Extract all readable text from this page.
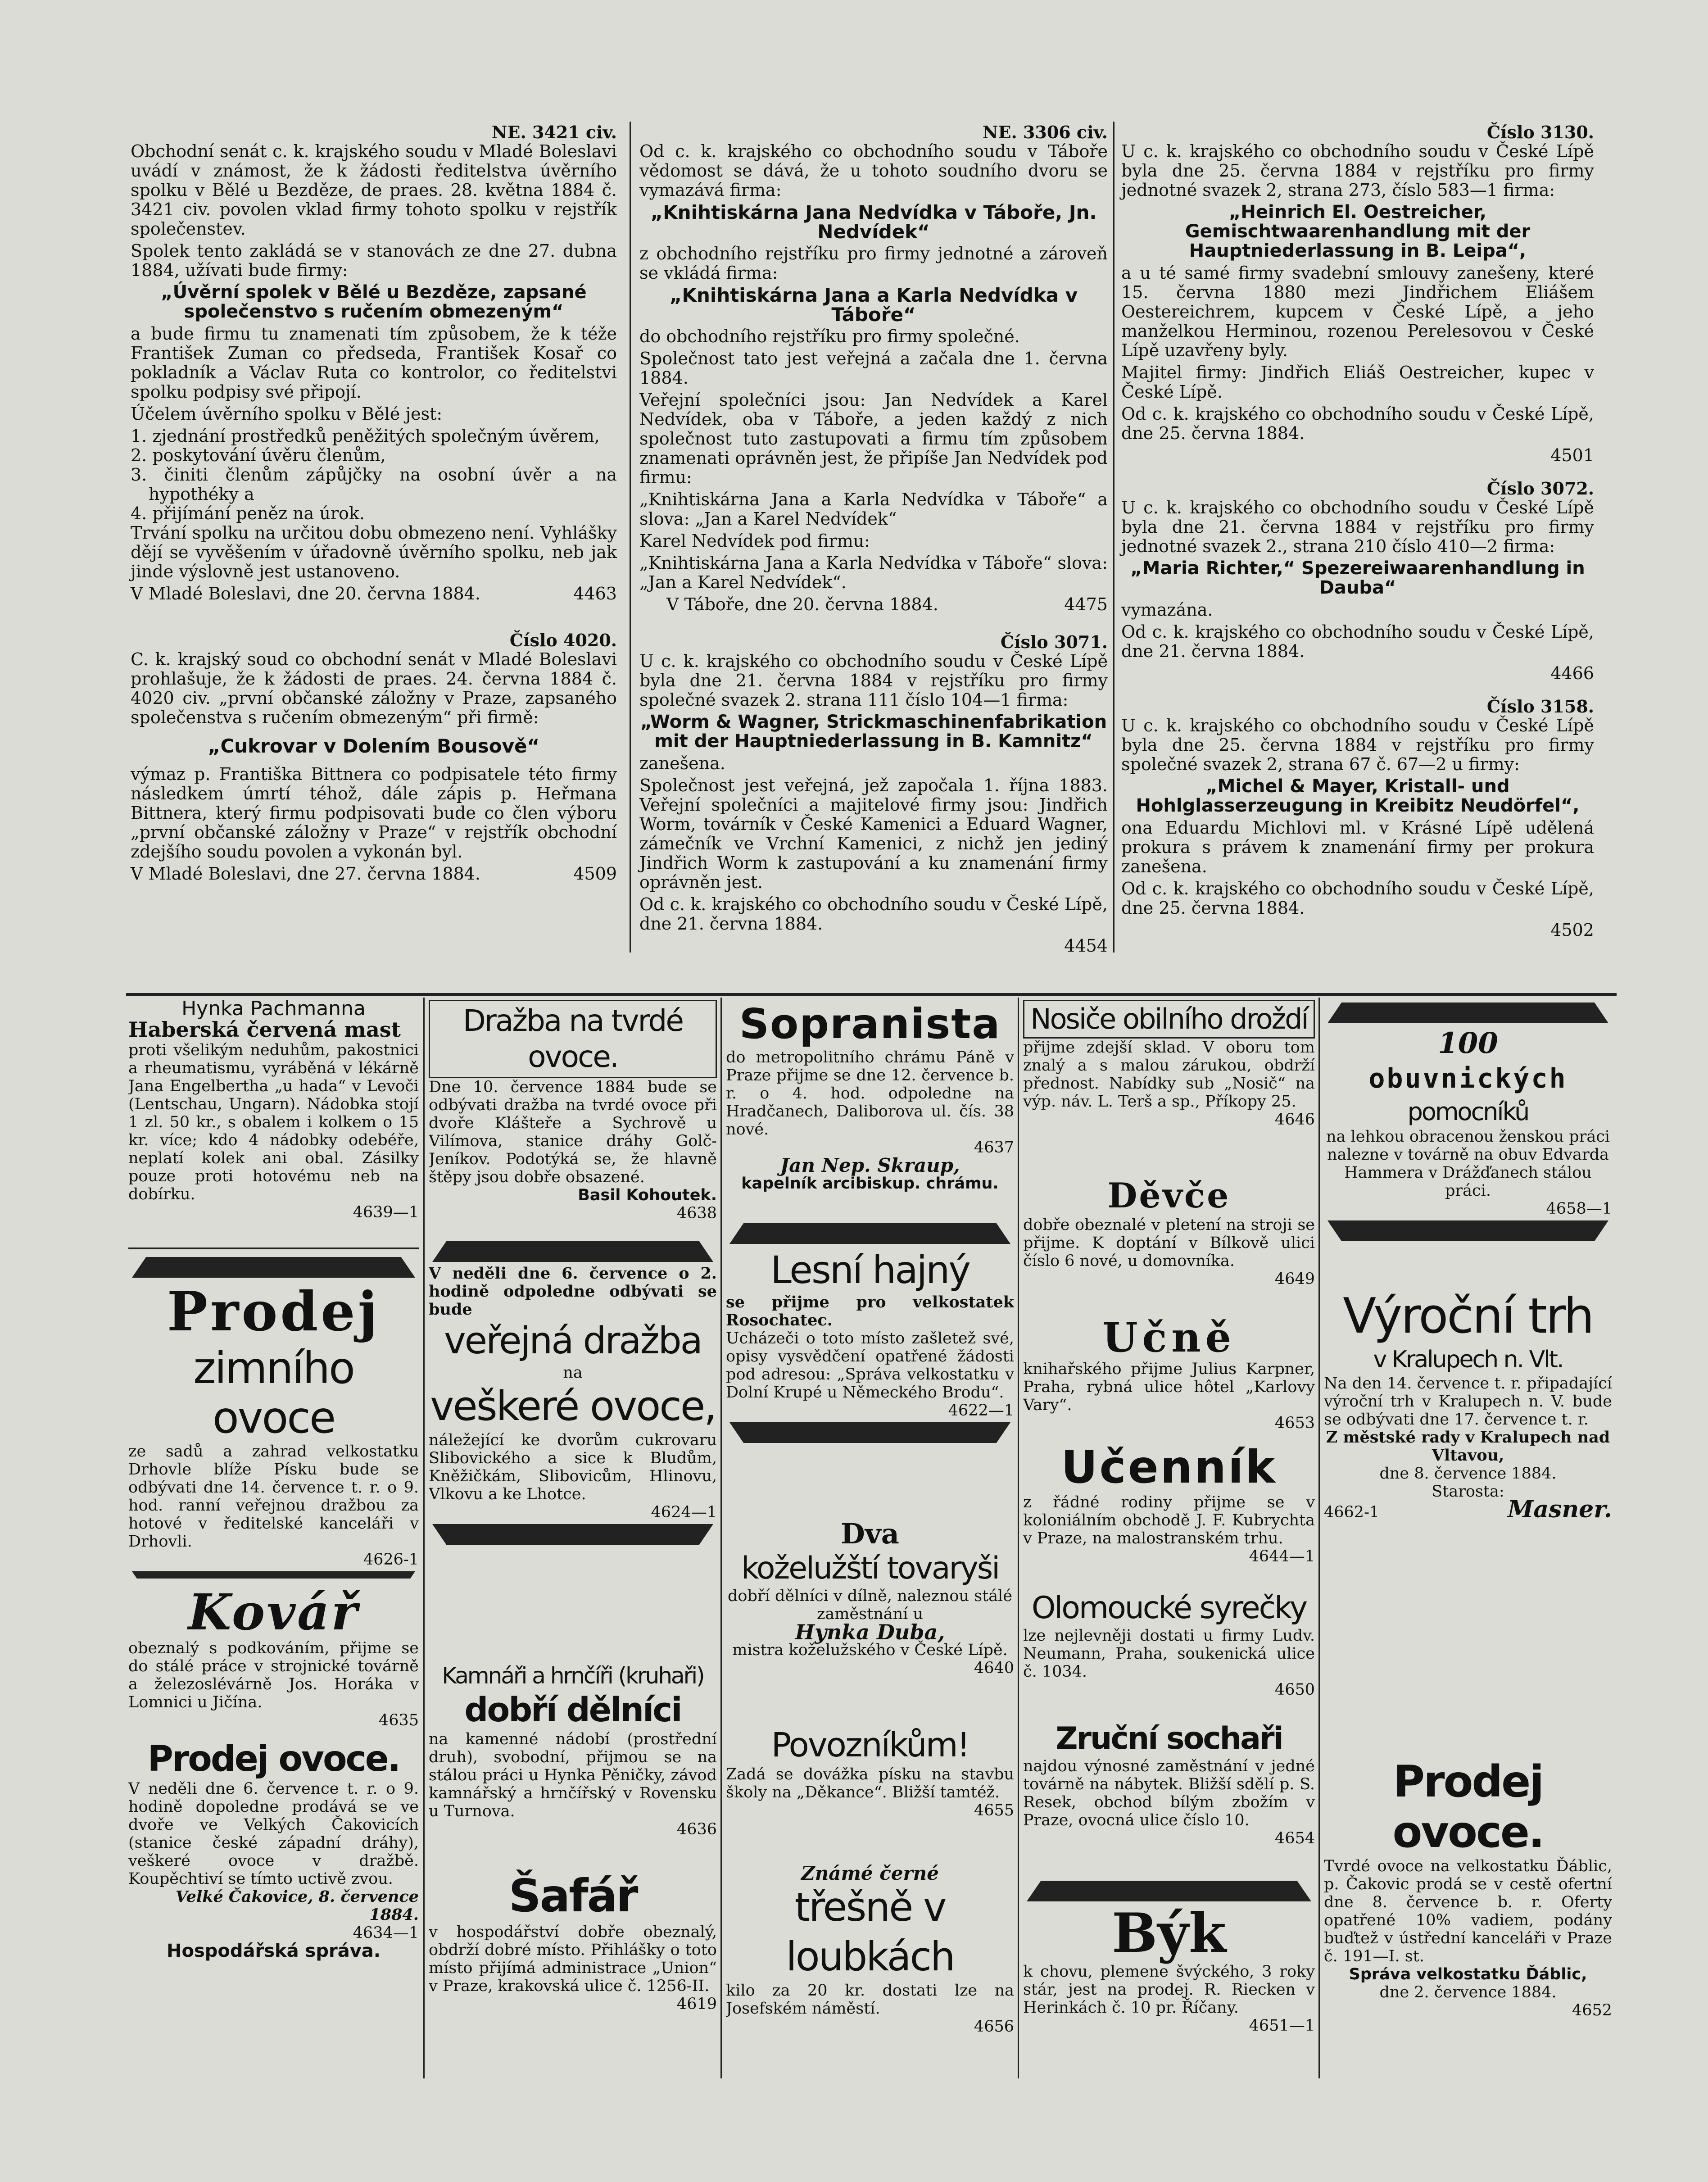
NE. 3421 civ.
Obchodní senát c. k. krajského soudu v Mladé Boleslavi uvádí v známost, že k žádosti ředitelstva úvěrního spolku v Bělé u Bezděze, de praes. 28. května 1884 č. 3421 civ. povolen vklad firmy tohoto spolku v rejstřík společenstev.
Spolek tento zakládá se v stanovách ze dne 27. dubna 1884, užívati bude firmy:
„Úvěrní spolek v Bělé u Bezděze, zapsané společenstvo s ručením obmezeným“
a bude firmu tu znamenati tím způsobem, že k téže František Zuman co předseda, František Kosař co pokladník a Václav Ruta co kontrolor, co ředitelstvi spolku podpisy své připojí.
Účelem úvěrního spolku v Bělé jest:
1. zjednání prostředků peněžitých společným úvěrem,
2. poskytování úvěru členům,
3. činiti členům zápůjčky na osobní úvěr a na hypothéky a
4. přijímání peněz na úrok.
Trvání spolku na určitou dobu obmezeno není. Vyhlášky dějí se vyvěšením v úřadovně úvěrního spolku, neb jak jinde výslovně jest ustanoveno.
V Mladé Boleslavi, dne 20. června 1884.	4463
Číslo 4020.
C. k. krajský soud co obchodní senát v Mladé Boleslavi prohlašuje, že k žádosti de praes. 24. června 1884 č. 4020 civ. „první občanské záložny v Praze, zapsaného společenstva s ručením obmezeným“ při firmě:
„Cukrovar v Dolením Bousově“
výmaz p. Františka Bittnera co podpisatele této firmy následkem úmrtí téhož, dále zápis p. Heřmana Bittnera, který firmu podpisovati bude co člen výboru „první občanské záložny v Praze“ v rejstřík obchodní zdejšího soudu povolen a vykonán byl.
V Mladé Boleslavi, dne 27. června 1884.	4509
NE. 3306 civ.
Od c. k. krajského co obchodního soudu v Táboře vědomost se dává, že u tohoto soudního dvoru se vymazává firma:
„Knihtiskárna Jana Nedvídka v Táboře, Jn. Nedvídek“
z obchodního rejstříku pro firmy jednotné a zároveň se vkládá firma:
„Knihtiskárna Jana a Karla Nedvídka v Táboře“
do obchodního rejstříku pro firmy společné.
Společnost tato jest veřejná a začala dne 1. června 1884.
Veřejní společníci jsou: Jan Nedvídek a Karel Nedvídek, oba v Táboře, a jeden každý z nich společnost tuto zastupovati a firmu tím způsobem znamenati oprávněn jest, že připíše Jan Nedvídek pod firmu:
„Knihtiskárna Jana a Karla Nedvídka v Táboře“ a slova: „Jan a Karel Nedvídek“
Karel Nedvídek pod firmu:
„Knihtiskárna Jana a Karla Nedvídka v Táboře“ slova: „Jan a Karel Nedvídek“.
V Táboře, dne 20. června 1884.	4475
Číslo 3071.
U c. k. krajského co obchodního soudu v České Lípě byla dne 21. června 1884 v rejstříku pro firmy společné svazek 2. strana 111 číslo 104—1 firma:
„Worm & Wagner, Strickmaschinenfabrikation mit der Hauptniederlassung in B. Kamnitz“
zanešena.
Společnost jest veřejná, jež započala 1. října 1883. Veřejní společníci a majitelové firmy jsou: Jindřich Worm, továrník v České Kamenici a Eduard Wagner, zámečník ve Vrchní Kamenici, z nichž jen jediný Jindřich Worm k zastupování a ku znamenání firmy oprávněn jest.
Od c. k. krajského co obchodního soudu v České Lípě, dne 21. června 1884.
4454
Číslo 3130.
U c. k. krajského co obchodního soudu v České Lípě byla dne 25. června 1884 v rejstříku pro firmy jednotné svazek 2, strana 273, číslo 583—1 firma:
„Heinrich El. Oestreicher, Gemischtwaarenhandlung mit der Hauptniederlassung in B. Leipa“,
a u té samé firmy svadební smlouvy zanešeny, které 15. června 1880 mezi Jindřichem Eliášem Oestereichrem, kupcem v České Lípě, a jeho manželkou Herminou, rozenou Perelesovou v České Lípě uzavřeny byly.
Majitel firmy: Jindřich Eliáš Oestreicher, kupec v České Lípě.
Od c. k. krajského co obchodního soudu v České Lípě, dne 25. června 1884.
4501
Číslo 3072.
U c. k. krajského co obchodního soudu v České Lípě byla dne 21. června 1884 v rejstříku pro firmy jednotné svazek 2., strana 210 číslo 410—2 firma:
„Maria Richter,“ Spezereiwaarenhandlung in Dauba“
vymazána.
Od c. k. krajského co obchodního soudu v České Lípě, dne 21. června 1884.
4466
Číslo 3158.
U c. k. krajského co obchodního soudu v České Lípě byla dne 25. června 1884 v rejstříku pro firmy společné svazek 2, strana 67 č. 67—2 u firmy:
„Michel & Mayer, Kristall- und Hohlglasserzeugung in Kreibitz Neudörfel“,
ona Eduardu Michlovi ml. v Krásné Lípě udělená prokura s právem k znamenání firmy per prokura zanešena.
Od c. k. krajského co obchodního soudu v České Lípě, dne 25. června 1884.
4502
Hynka Pachmanna
Haberská červená mast

proti všelikým neduhům, pakostnici a rheumatismu, vyráběná v lékárně Jana Engelbertha „u hada“ v Levoči (Lentschau, Ungarn). Nádobka stojí 1 zl. 50 kr., s obalem i kolkem o 15 kr. více; kdo 4 nádobky odebéře, neplatí kolek ani obal. Zásilky pouze proti hotovému neb na dobírku.

4639—1
Prodej
zimního ovoce

ze sadů a zahrad velkostatku Drhovle blíže Písku bude se odbývati dne 14. července t. r. o 9. hod. ranní veřejnou dražbou za hotové v ředitelské kanceláři v Drhovli.

4626-1
Kovář

obeznalý s podkováním, přijme se do stálé práce v strojnické továrně a železoslévárně Jos. Horáka v Lomnici u Jičína.

4635
Prodej ovoce.

V neděli dne 6. července t. r. o 9. hodině dopoledne prodává se ve dvoře ve Velkých Čakovicích (stanice české západní dráhy), veškeré ovoce v dražbě. Koupěchtiví se tímto uctivě zvou.

Velké Čakovice, 8. července 1884.

4634—1
Hospodářská správa.
Dražba na tvrdé ovoce.

Dne 10. července 1884 bude se odbývati dražba na tvrdé ovoce při dvoře Klášteře a Sychrově u Vilímova, stanice dráhy Golč-Jeníkov. Podotýká se, že hlavně štěpy jsou dobře obsazené.

Basil Kohoutek.

4638
V neděli dne 6. července o 2. hodině odpoledne odbývati se bude
veřejná dražba
na
veškeré ovoce,

náležející ke dvorům cukrovaru Slibovického a sice k Bludům, Kněžičkám, Slibovicům, Hlinovu, Vlkovu a ke Lhotce.

4624—1
Kamnáři a hrnčíři (kruhaři)
dobří dělníci

na kamenné nádobí (prostřední druh), svobodní, přijmou se na stálou práci u Hynka Pěničky, závod kamnářský a hrnčířský v Rovensku u Turnova.

4636
Šafář

v hospodářství dobře obeznalý, obdrží dobré místo. Přihlášky o toto místo přijímá administrace „Union“ v Praze, krakovská ulice č. 1256-II.

4619
Sopranista

do metropolitního chrámu Páně v Praze přijme se dne 12. července b. r. o 4. hod. odpoledne na Hradčanech, Daliborova ul. čís. 38 nové.

4637
Jan Nep. Skraup,
kapelník arcibiskup. chrámu.
Lesní hajný

se přijme pro velkostatek Rosochatec.

Ucházeči o toto místo zašletež své, opisy vysvědčení opatřené žádosti pod adresou: „Správa velkostatku v Dolní Krupé u Německého Brodu“.

4622—1
Dva
koželužští tovaryši

dobří dělníci v dílně, naleznou stálé zaměstnání u

Hynka Duba,

mistra koželužského v České Lípě.

4640
Povozníkům!

Zadá se dovážka písku na stavbu školy na „Děkance“. Bližší tamtéž.

4655
Známé černé
třešně v loubkách

kilo za 20 kr. dostati lze na Josefském náměstí.

4656
Nosiče obilního droždí

přijme zdejší sklad. V oboru tom znalý a s malou zárukou, obdrží přednost. Nabídky sub „Nosič“ na výp. náv. L. Terš a sp., Příkopy 25.

4646
Děvče

dobře obeznalé v pletení na stroji se přijme. K doptání v Bílkově ulici číslo 6 nové, u domovníka.

4649
Učně

knihařského přijme Julius Karpner, Praha, rybná ulice hôtel „Karlovy Vary“.

4653
Učenník

z řádné rodiny přijme se v koloniálním obchodě J. F. Kubrychta v Praze, na malostranském trhu.

4644—1
Olomoucké syrečky

lze nejlevněji dostati u firmy Ludv. Neumann, Praha, soukenická ulice č. 1034.

4650
Zruční sochaři

najdou výnosné zaměstnání v jedné továrně na nábytek. Bližší sdělí p. S. Resek, obchod bílým zbožím v Praze, ovocná ulice číslo 10.

4654
Býk

k chovu, plemene švýckého, 3 roky stár, jest na prodej. R. Riecken v Herinkách č. 10 pr. Říčany.

4651—1
100
obuvnických
pomocníků

na lehkou obracenou ženskou práci nalezne v továrně na obuv Edvarda Hammera v Drážďanech stálou práci.

4658—1
Výroční trh
v Kralupech n. Vlt.

Na den 14. července t. r. připadající výroční trh v Kralupech n. V. bude se odbývati dne 17. července t. r.

Z městské rady v Kralupech nad Vltavou,

dne 8. července 1884.

Starosta:
4662-1	Masner.
Prodej ovoce.

Tvrdé ovoce na velkostatku Ďáblic, p. Čakovic prodá se v cestě ofertní dne 8. července b. r. Oferty opatřené 10% vadiem, podány buďtež v ústřední kanceláři v Praze č. 191—I. st.

Správa velkostatku Ďáblic,

dne 2. července 1884.

4652
